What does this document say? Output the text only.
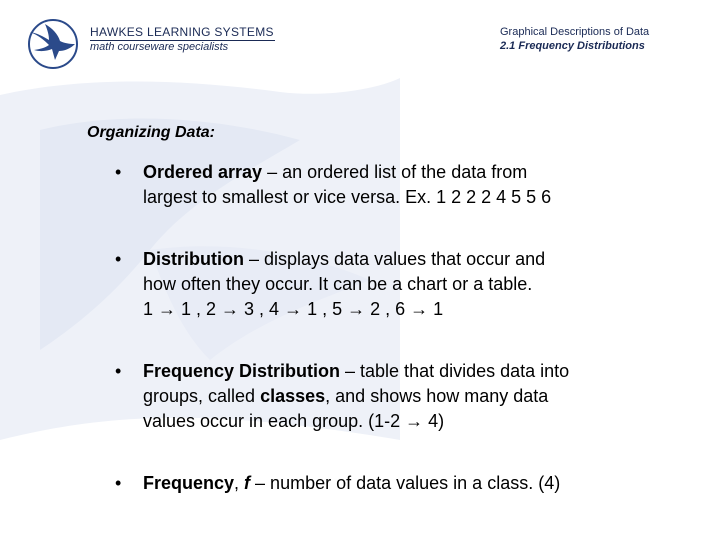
HAWKES LEARNING SYSTEMS
math courseware specialists
Graphical Descriptions of Data
2.1 Frequency Distributions
Organizing Data:
• Ordered array – an ordered list of the data from
largest to smallest or vice versa. Ex. 1 2 2 2 4 5 5 6
• Distribution – displays data values that occur and
how often they occur. It can be a chart or a table.
1 → 1 , 2 → 3 , 4 → 1 , 5 → 2 , 6 → 1
• Frequency Distribution – table that divides data into
groups, called classes, and shows how many data
values occur in each group. (1-2 → 4)
• Frequency, f – number of data values in a class. (4)
